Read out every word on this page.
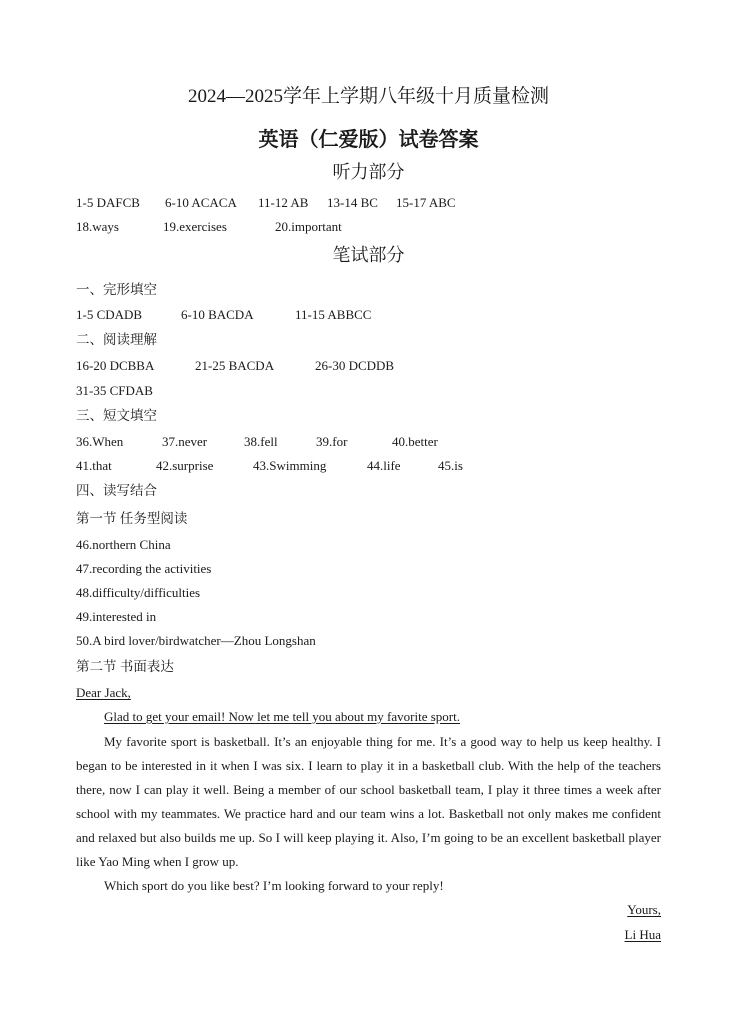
2024—2025学年上学期八年级十月质量检测
英语（仁爱版）试卷答案
听力部分
1-5 DAFCB 6-10 ACACA 11-12 AB 13-14 BC 15-17 ABC
18.ways	19.exercises	20.important
笔试部分
一、完形填空
1-5 CDADB	6-10 BACDA	11-15 ABBCC
二、阅读理解
16-20 DCBBA	21-25 BACDA	26-30 DCDDB
31-35 CFDAB
三、短文填空
36.When	37.never	38.fell	39.for	40.better
41.that	42.surprise	43.Swimming	44.life	45.is
四、读写结合
第一节 任务型阅读
46.northern China
47.recording the activities
48.difficulty/difficulties
49.interested in
50.A bird lover/birdwatcher—Zhou Longshan
第二节 书面表达
Dear Jack,
Glad to get your email! Now let me tell you about my favorite sport.
My favorite sport is basketball. It’s an enjoyable thing for me. It’s a good way to help us keep healthy. I began to be interested in it when I was six. I learn to play it in a basketball club. With the help of the teachers there, now I can play it well. Being a member of our school basketball team, I play it three times a week after school with my teammates. We practice hard and our team wins a lot. Basketball not only makes me confident and relaxed but also builds me up. So I will keep playing it. Also, I’m going to be an excellent basketball player like Yao Ming when I grow up.
Which sport do you like best? I’m looking forward to your reply!
Yours,
Li Hua
